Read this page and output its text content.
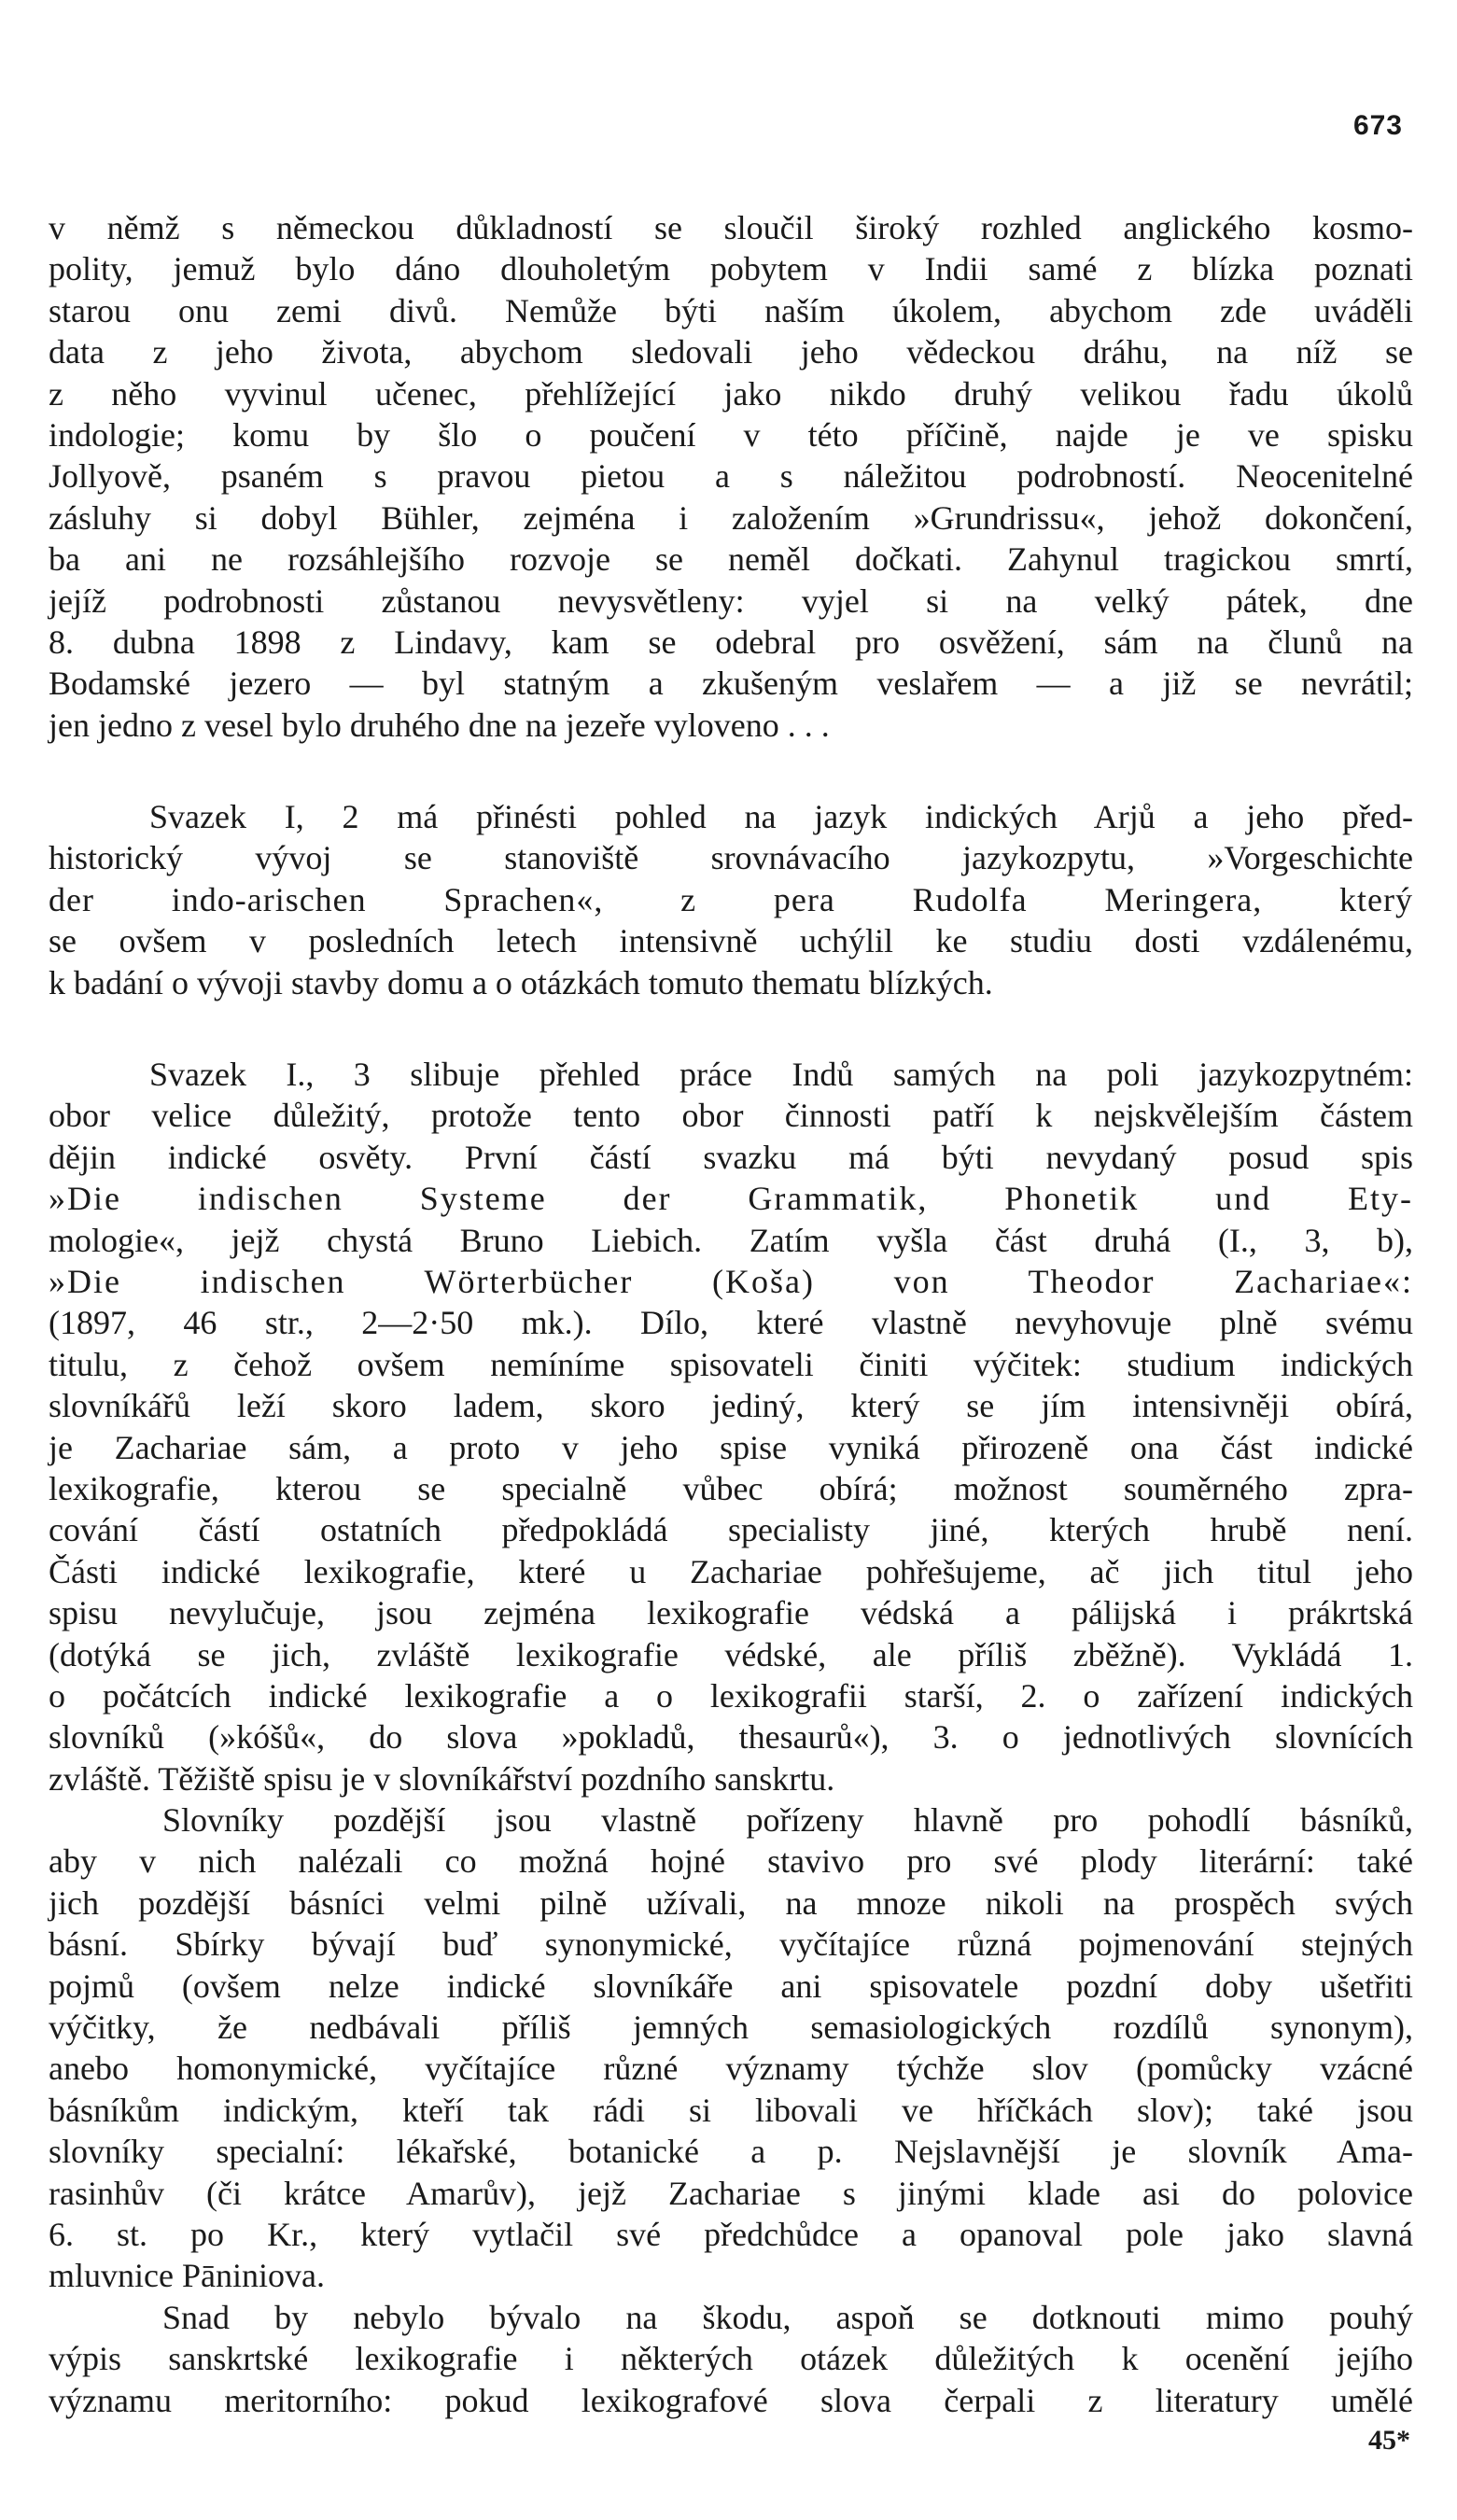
673
v němž s německou důkladností se sloučil široký rozhled anglického kosmo-
polity, jemuž bylo dáno dlouholetým pobytem v Indii samé z blízka poznati
starou onu zemi divů. Nemůže býti naším úkolem, abychom zde uváděli
data z jeho života, abychom sledovali jeho vědeckou dráhu, na níž se
z něho vyvinul učenec, přehlížející jako nikdo druhý velikou řadu úkolů
indologie; komu by šlo o poučení v této příčině, najde je ve spisku
Jollyově, psaném s pravou pietou a s náležitou podrobností. Neocenitelné
zásluhy si dobyl Bühler, zejména i založením »Grundrissu«, jehož dokončení,
ba ani ne rozsáhlejšího rozvoje se neměl dočkati. Zahynul tragickou smrtí,
jejíž podrobnosti zůstanou nevysvětleny: vyjel si na velký pátek, dne
8. dubna 1898 z Lindavy, kam se odebral pro osvěžení, sám na člunů na
Bodamské jezero — byl statným a zkušeným veslařem — a již se nevrátil;
jen jedno z vesel bylo druhého dne na jezeře vyloveno . . .
Svazek I, 2 má přinésti pohled na jazyk indických Arjů a jeho před-
historický vývoj se stanoviště srovnávacího jazykozpytu, »Vorgeschichte
der indo-arischen Sprachen«, z pera Rudolfa Meringera, který
se ovšem v posledních letech intensivně uchýlil ke studiu dosti vzdálenému,
k badání o vývoji stavby domu a o otázkách tomuto thematu blízkých.
Svazek I., 3 slibuje přehled práce Indů samých na poli jazykozpytném:
obor velice důležitý, protože tento obor činnosti patří k nejskvělejším částem
dějin indické osvěty. První částí svazku má býti nevydaný posud spis
»Die indischen Systeme der Grammatik, Phonetik und Ety-
mologie«, jejž chystá Bruno Liebich. Zatím vyšla část druhá (I., 3, b),
»Die indischen Wörterbücher (Koša) von Theodor Zachariae«:
(1897, 46 str., 2—2·50 mk.). Dílo, které vlastně nevyhovuje plně svému
titulu, z čehož ovšem nemíníme spisovateli činiti výčitek: studium indických
slovníkářů leží skoro ladem, skoro jediný, který se jím intensivněji obírá,
je Zachariae sám, a proto v jeho spise vyniká přirozeně ona část indické
lexikografie, kterou se specialně vůbec obírá; možnost souměrného zpra-
cování částí ostatních předpokládá specialisty jiné, kterých hrubě není.
Části indické lexikografie, které u Zachariae pohřešujeme, ač jich titul jeho
spisu nevylučuje, jsou zejména lexikografie védská a pálijská i prákrtská
(dotýká se jich, zvláště lexikografie védské, ale příliš zběžně). Vykládá 1.
o počátcích indické lexikografie a o lexikografii starší, 2. o zařízení indických
slovníků (»kóšů«, do slova »pokladů, thesaurů«), 3. o jednotlivých slovnících
zvláště. Těžiště spisu je v slovníkářství pozdního sanskrtu.
Slovníky pozdější jsou vlastně pořízeny hlavně pro pohodlí básníků,
aby v nich nalézali co možná hojné stavivo pro své plody literární: také
jich pozdější básníci velmi pilně užívali, na mnoze nikoli na prospěch svých
básní. Sbírky bývají buď synonymické, vyčítajíce různá pojmenování stejných
pojmů (ovšem nelze indické slovníkáře ani spisovatele pozdní doby ušetřiti
výčitky, že nedbávali příliš jemných semasiologických rozdílů synonym),
anebo homonymické, vyčítajíce různé významy týchže slov (pomůcky vzácné
básníkům indickým, kteří tak rádi si libovali ve hříčkách slov); také jsou
slovníky specialní: lékařské, botanické a p. Nejslavnější je slovník Ama-
rasinhův (či krátce Amarův), jejž Zachariae s jinými klade asi do polovice
6. st. po Kr., který vytlačil své předchůdce a opanoval pole jako slavná
mluvnice Pāniniova.
Snad by nebylo bývalo na škodu, aspoň se dotknouti mimo pouhý
výpis sanskrtské lexikografie i některých otázek důležitých k ocenění jejího
významu meritorního: pokud lexikografové slova čerpali z literatury umělé
45*
